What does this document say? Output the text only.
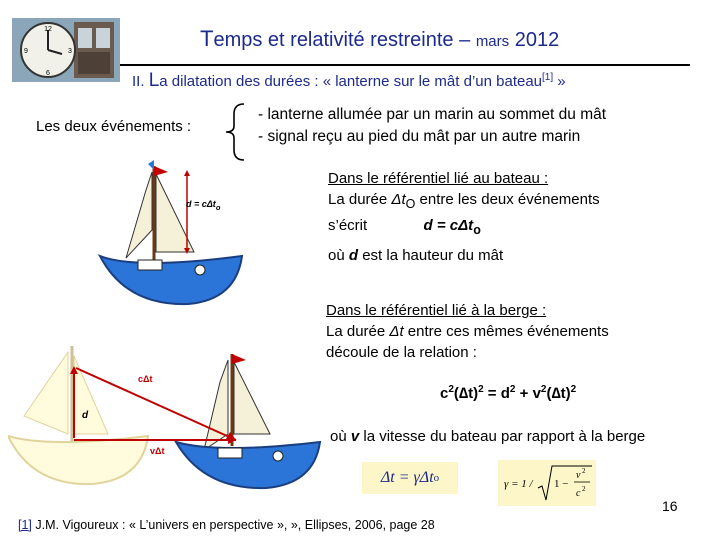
12
3
6
9
Temps et relativité restreinte – mars 2012
II. La dilatation des durées : « lanterne sur le mât d’un bateau[1] »
Les deux événements :
- lanterne allumée par un marin au sommet du mât
- signal reçu au pied du mât par un autre marin
d = cΔt$_o$
Dans le référentiel lié au bateau :
La durée $\Delta t_O$ entre les deux événements
s’écrit	d = cΔt$_o$
où d est la hauteur du mât
Dans le référentiel lié à la berge :
La durée Δt entre ces mêmes événements
découle de la relation :
cΔt
vΔt
d
$c^2(\Delta t)^2 = d^2 + v^2(\Delta t)^2$
où v la vitesse du bateau par rapport à la berge
Δt = γΔt o	γ = 1 / 1 −
v 2
c 2
16
[1] J.M. Vigoureux : « L’univers en perspective », », Ellipses, 2006, page 28
